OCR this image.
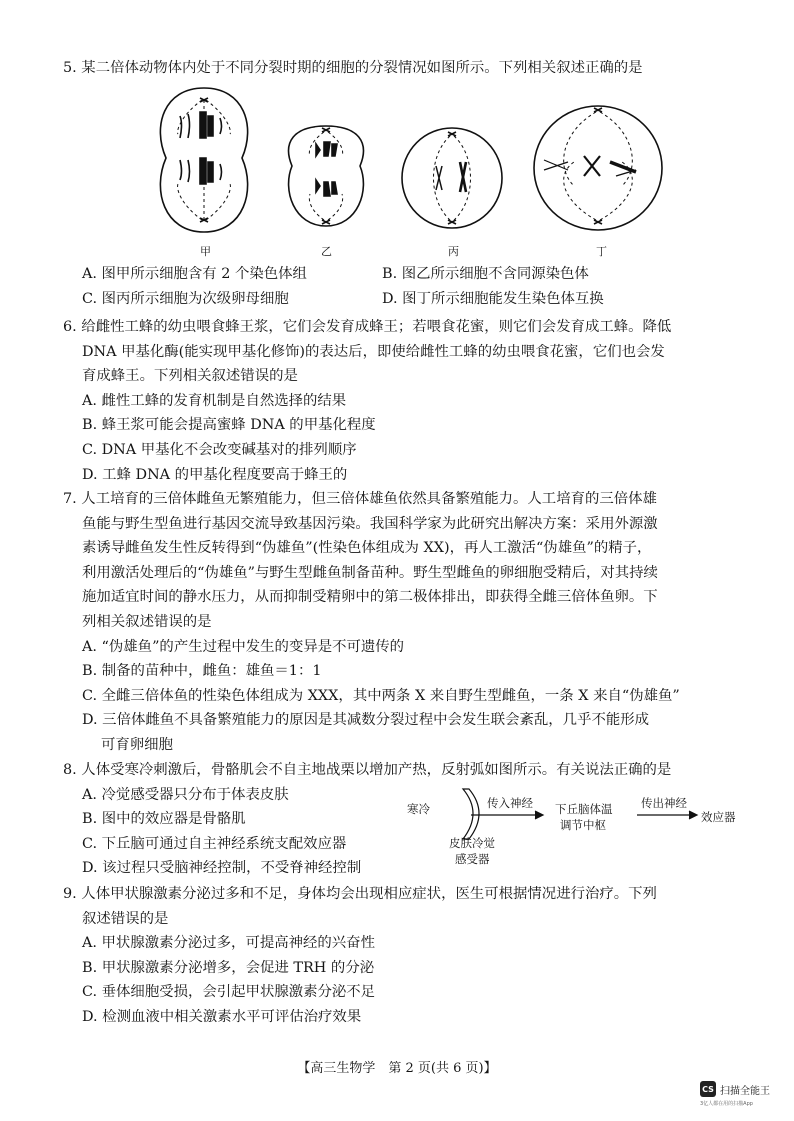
5. 某二倍体动物体内处于不同分裂时期的细胞的分裂情况如图所示。下列相关叙述正确的是
甲	乙	丙	丁
A. 图甲所示细胞含有 2 个染色体组	B. 图乙所示细胞不含同源染色体
C. 图丙所示细胞为次级卵母细胞	D. 图丁所示细胞能发生染色体互换
6. 给雌性工蜂的幼虫喂食蜂王浆，它们会发育成蜂王；若喂食花蜜，则它们会发育成工蜂。降低
DNA 甲基化酶(能实现甲基化修饰)的表达后，即使给雌性工蜂的幼虫喂食花蜜，它们也会发
育成蜂王。下列相关叙述错误的是
A. 雌性工蜂的发育机制是自然选择的结果
B. 蜂王浆可能会提高蜜蜂 DNA 的甲基化程度
C. DNA 甲基化不会改变碱基对的排列顺序
D. 工蜂 DNA 的甲基化程度要高于蜂王的
7. 人工培育的三倍体雌鱼无繁殖能力，但三倍体雄鱼依然具备繁殖能力。人工培育的三倍体雄
鱼能与野生型鱼进行基因交流导致基因污染。我国科学家为此研究出解决方案：采用外源激
素诱导雌鱼发生性反转得到“伪雄鱼”(性染色体组成为 XX)，再人工激活“伪雄鱼”的精子，
利用激活处理后的“伪雄鱼”与野生型雌鱼制备苗种。野生型雌鱼的卵细胞受精后，对其持续
施加适宜时间的静水压力，从而抑制受精卵中的第二极体排出，即获得全雌三倍体鱼卵。下
列相关叙述错误的是
A. “伪雄鱼”的产生过程中发生的变异是不可遗传的
B. 制备的苗种中，雌鱼：雄鱼＝1：1
C. 全雌三倍体鱼的性染色体组成为 XXX，其中两条 X 来自野生型雌鱼，一条 X 来自“伪雄鱼”
D. 三倍体雌鱼不具备繁殖能力的原因是其减数分裂过程中会发生联会紊乱，几乎不能形成
可育卵细胞
8. 人体受寒冷刺激后，骨骼肌会不自主地战栗以增加产热，反射弧如图所示。有关说法正确的是
A. 冷觉感受器只分布于体表皮肤
B. 图中的效应器是骨骼肌
C. 下丘脑可通过自主神经系统支配效应器
D. 该过程只受脑神经控制，不受脊神经控制
寒冷	传入神经 下丘脑体温
调节中枢
传出神经
效应器
皮肤冷觉
感受器
9. 人体甲状腺激素分泌过多和不足，身体均会出现相应症状，医生可根据情况进行治疗。下列
叙述错误的是
A. 甲状腺激素分泌过多，可提高神经的兴奋性
B. 甲状腺激素分泌增多，会促进 TRH 的分泌
C. 垂体细胞受损，会引起甲状腺激素分泌不足
D. 检测血液中相关激素水平可评估治疗效果
【高三生物学　第 2 页(共 6 页)】
CS 扫描全能王
3亿人都在用的扫描App
